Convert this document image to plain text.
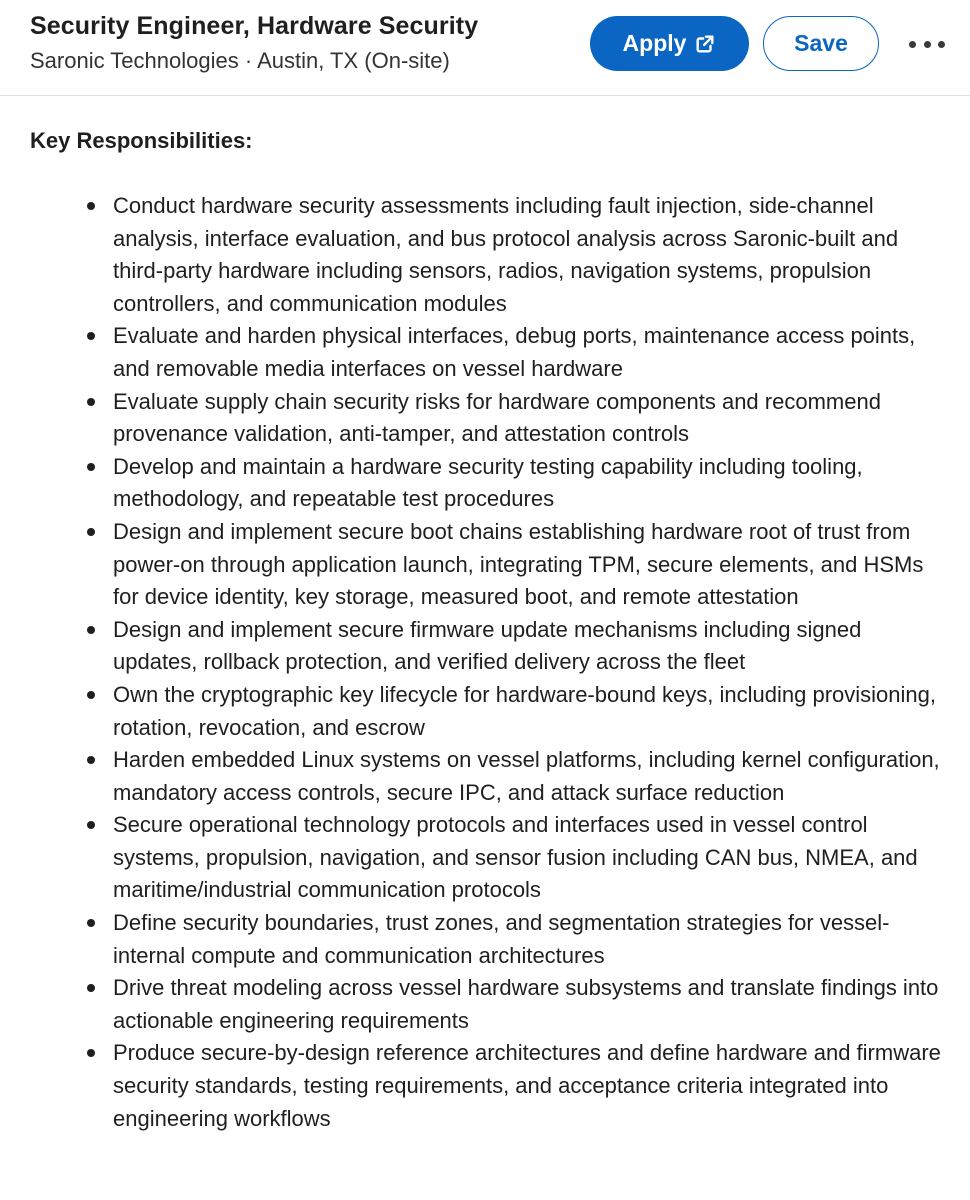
Security Engineer, Hardware Security
Saronic Technologies · Austin, TX (On-site)
Apply	Save
Key Responsibilities:
Conduct hardware security assessments including fault injection, side-channel analysis, interface evaluation, and bus protocol analysis across Saronic-built and third-party hardware including sensors, radios, navigation systems, propulsion controllers, and communication modules
Evaluate and harden physical interfaces, debug ports, maintenance access points, and removable media interfaces on vessel hardware
Evaluate supply chain security risks for hardware components and recommend provenance validation, anti-tamper, and attestation controls
Develop and maintain a hardware security testing capability including tooling, methodology, and repeatable test procedures
Design and implement secure boot chains establishing hardware root of trust from power-on through application launch, integrating TPM, secure elements, and HSMs for device identity, key storage, measured boot, and remote attestation
Design and implement secure firmware update mechanisms including signed updates, rollback protection, and verified delivery across the fleet
Own the cryptographic key lifecycle for hardware-bound keys, including provisioning, rotation, revocation, and escrow
Harden embedded Linux systems on vessel platforms, including kernel configuration, mandatory access controls, secure IPC, and attack surface reduction
Secure operational technology protocols and interfaces used in vessel control systems, propulsion, navigation, and sensor fusion including CAN bus, NMEA, and maritime/industrial communication protocols
Define security boundaries, trust zones, and segmentation strategies for vessel-internal compute and communication architectures
Drive threat modeling across vessel hardware subsystems and translate findings into actionable engineering requirements
Produce secure-by-design reference architectures and define hardware and firmware security standards, testing requirements, and acceptance criteria integrated into engineering workflows
